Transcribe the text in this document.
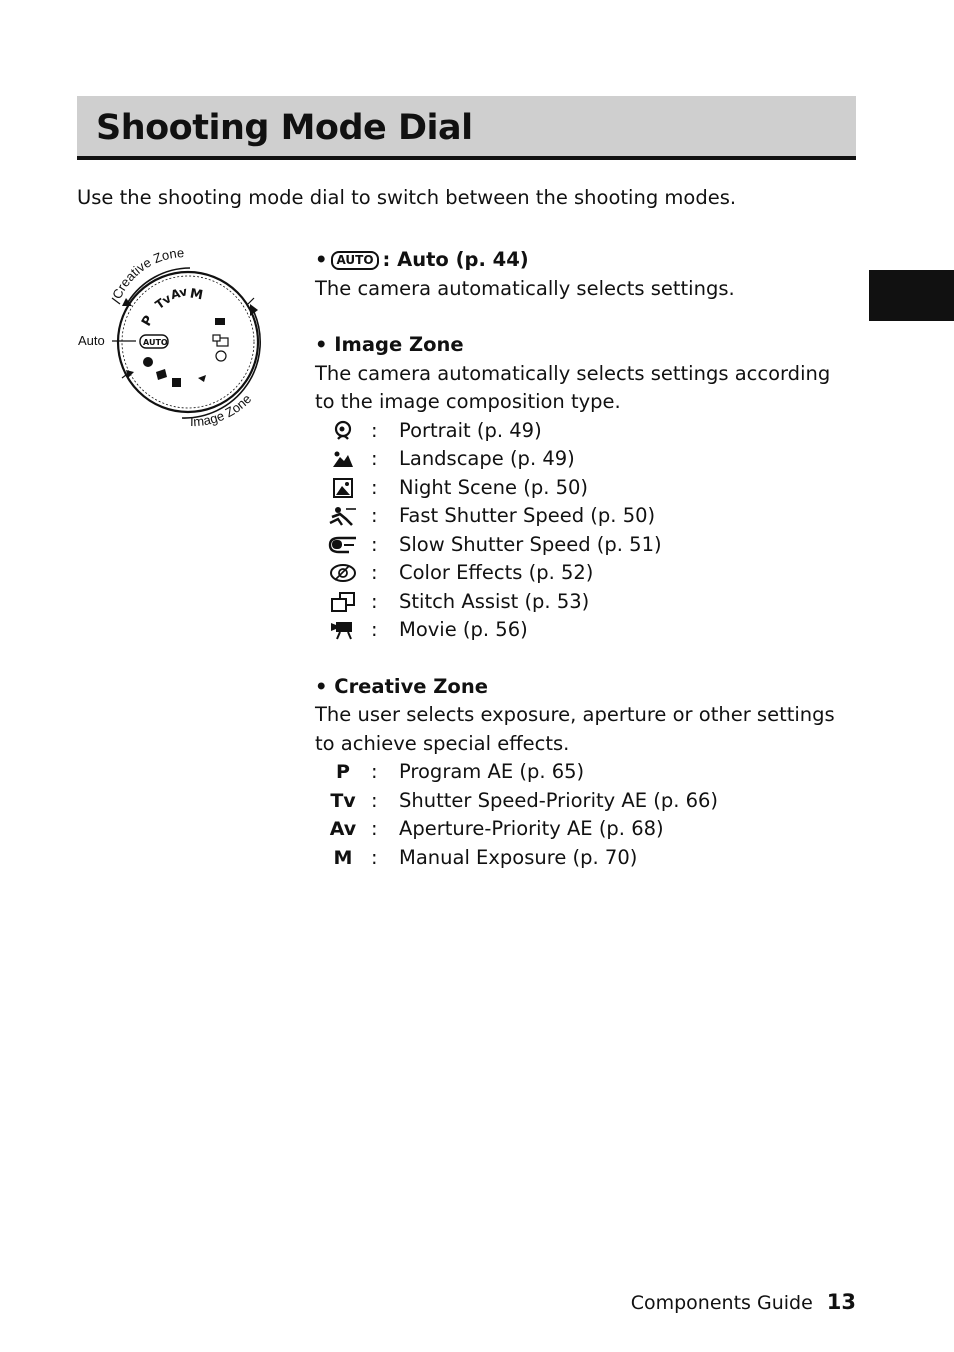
Shooting Mode Dial
Use the shooting mode dial to switch between the shooting modes.
Creative Zone
Image Zone
Auto
P
Tv
Av M
AUTO

• AUTO : Auto (p. 44)

The camera automatically selects settings.

• Image Zone

The camera automatically selects settings according to the image composition type.

:	Portrait (p. 49)
:	Landscape (p. 49)
:	Night Scene (p. 50)
:	Fast Shutter Speed (p. 50)
:	Slow Shutter Speed (p. 51)
:	Color Effects (p. 52)
:	Stitch Assist (p. 53)
:	Movie (p. 56)

• Creative Zone

The user selects exposure, aperture or other settings to achieve special effects.

P	:	Program AE (p. 65)
Tv :	Shutter Speed-Priority AE (p. 66)
Av :	Aperture-Priority AE (p. 68)
M :	Manual Exposure (p. 70)
Components Guide 13
